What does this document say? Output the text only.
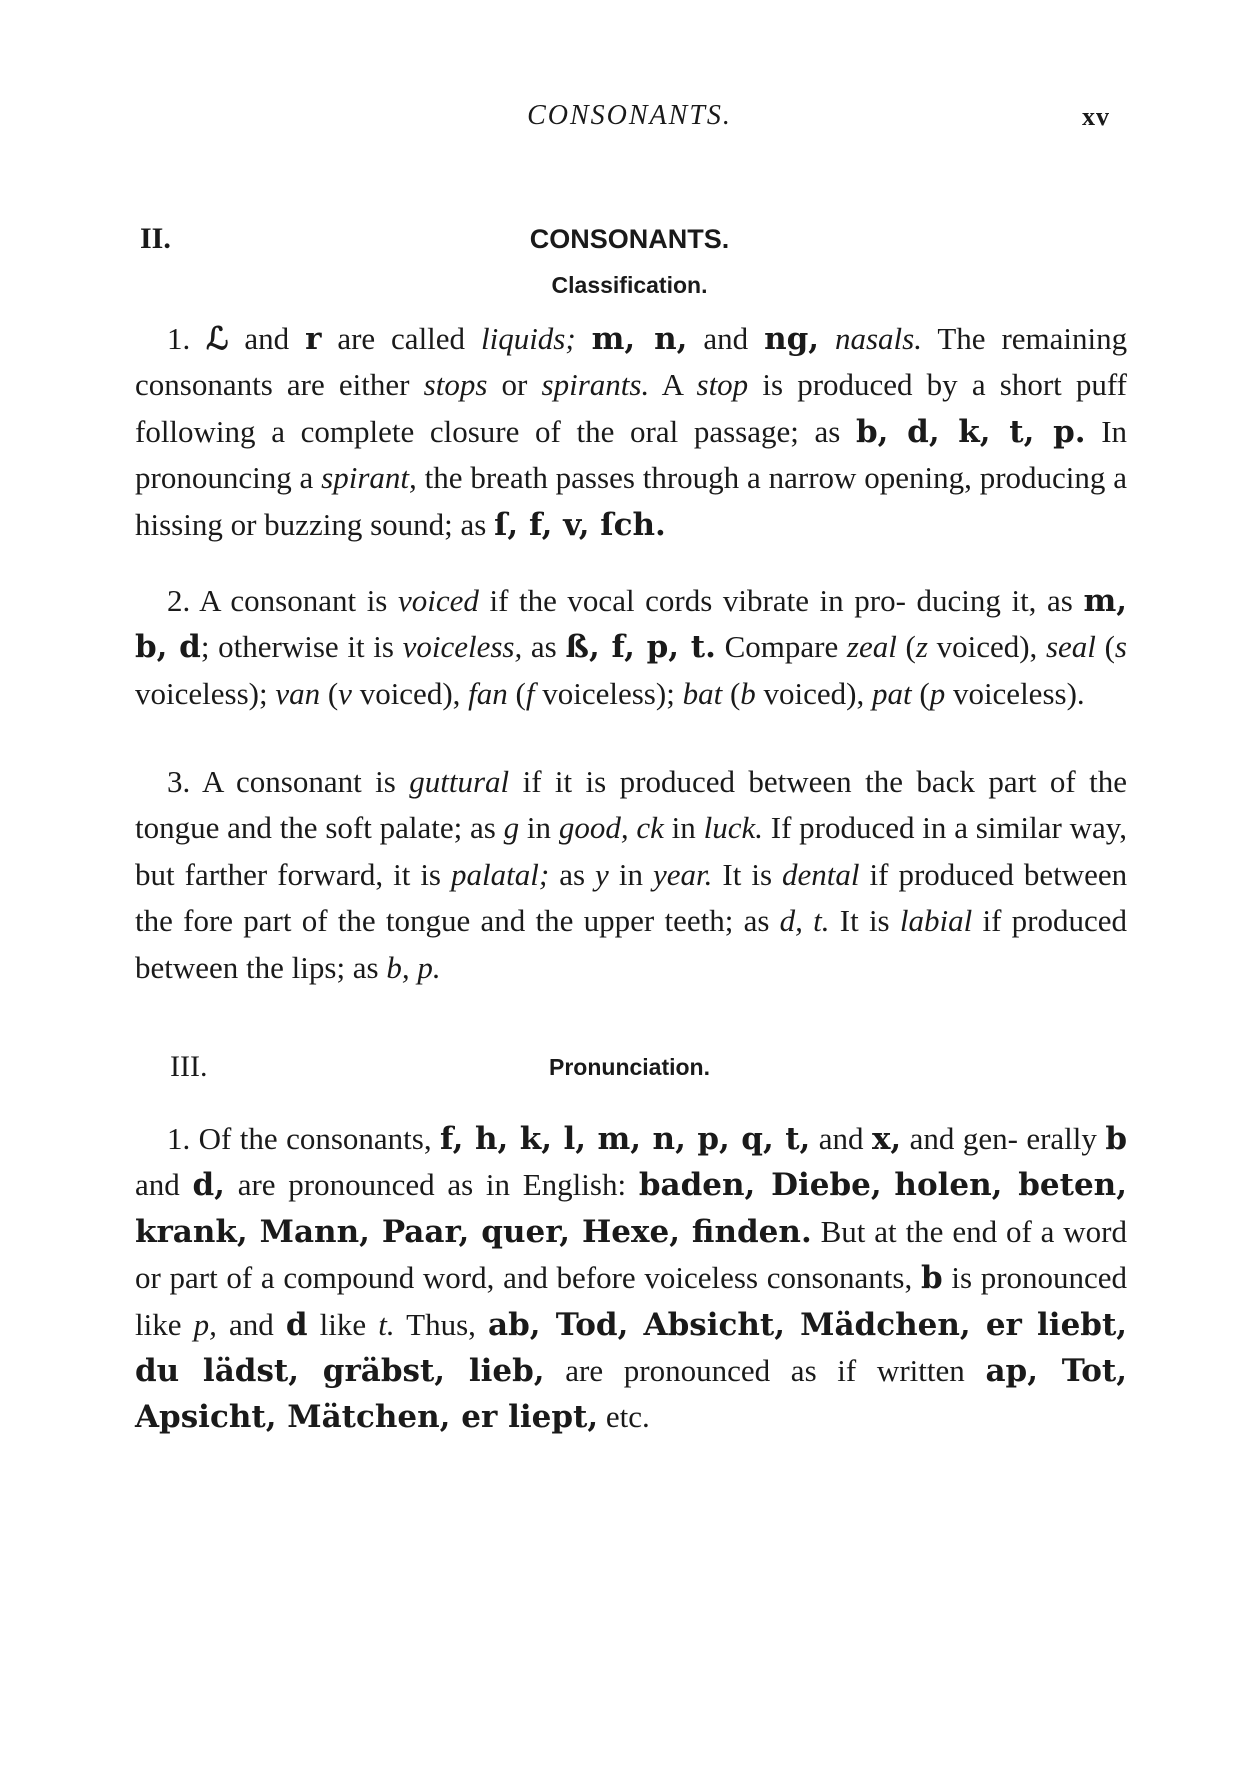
CONSONANTS.	xv
II.	CONSONANTS.
Classification.
1. ℒ and r are called liquids; m, n, and ng, nasals. The remaining consonants are either stops or spirants. A stop is produced by a short puff following a complete closure of the oral passage; as b, d, k, t, p. In pronouncing a spirant, the breath passes through a narrow opening, producing a hissing or buzzing sound; as ſ, f, v, ſch.
2. A consonant is voiced if the vocal cords vibrate in pro- ducing it, as m, b, d; otherwise it is voiceless, as ß, f, p, t. Compare zeal (z voiced), seal (s voiceless); van (v voiced), fan (f voiceless); bat (b voiced), pat (p voiceless).
3. A consonant is guttural if it is produced between the back part of the tongue and the soft palate; as g in good, ck in luck. If produced in a similar way, but farther forward, it is palatal; as y in year. It is dental if produced between the fore part of the tongue and the upper teeth; as d, t. It is labial if produced between the lips; as b, p.
III.	Pronunciation.
1. Of the consonants, f, h, k, l, m, n, p, q, t, and x, and gen- erally b and d, are pronounced as in English: baden, Diebe, holen, beten, krank, Mann, Paar, quer, Hexe, finden. But at the end of a word or part of a compound word, and before voiceless consonants, b is pronounced like p, and d like t. Thus, ab, Tod, Absicht, Mädchen, er liebt, du lädst, gräbst, lieb, are pronounced as if written ap, Tot, Apsicht, Mätchen, er liept, etc.
